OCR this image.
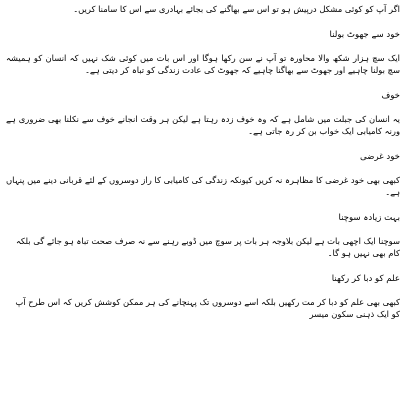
اگر آپ کو کوئی مشکل درپیش ہو تو اس سے بھاگنے کی بجائے بہادری سے اس کا سامنا کریں۔

خود سے جھوٹ بولنا

ایک سچ ہزار شکھ والا محاورہ تو آپ نے سن رکھا ہوگا اور اس بات میں کوئی شک نہیں کہ انسان کو ہمیشہ سچ بولنا چاہیے اور جھوٹ سے بھاگنا چاہیے کہ جھوٹ کی عادت زندگی کو تباہ کر دیتی ہے۔

خوف

یہ انسان کی جبلت میں شامل ہے کہ وہ خوف زدہ رہتا ہے لیکن ہر وقت انجانے خوف سے نکلنا بھی ضروری ہے ورنہ کامیابی ایک خواب بن کر رہ جاتی ہے۔

خود غرضی

کبھی بھی خود غرضی کا مظاہرہ نہ کریں کیونکہ زندگی کی کامیابی کا راز دوسروں کے لئے قربانی دینے میں پنہاں ہے۔

بہت زیادہ سوچنا

سوچنا ایک اچھی بات ہے لیکن بلاوجہ ہر بات پر سوچ میں ڈوبے رہنے سے نہ صرف صحت تباہ ہو جائے گی بلکہ کام بھی نہیں ہو گا۔

علم کو دبا کر رکھنا

کبھی بھی علم کو دبا کر مت رکھیں بلکہ اسے دوسروں تک پہنچانے کی ہر ممکن کوشش کریں کہ اس طرح آپ کو ایک ذہنی سکون میسر
